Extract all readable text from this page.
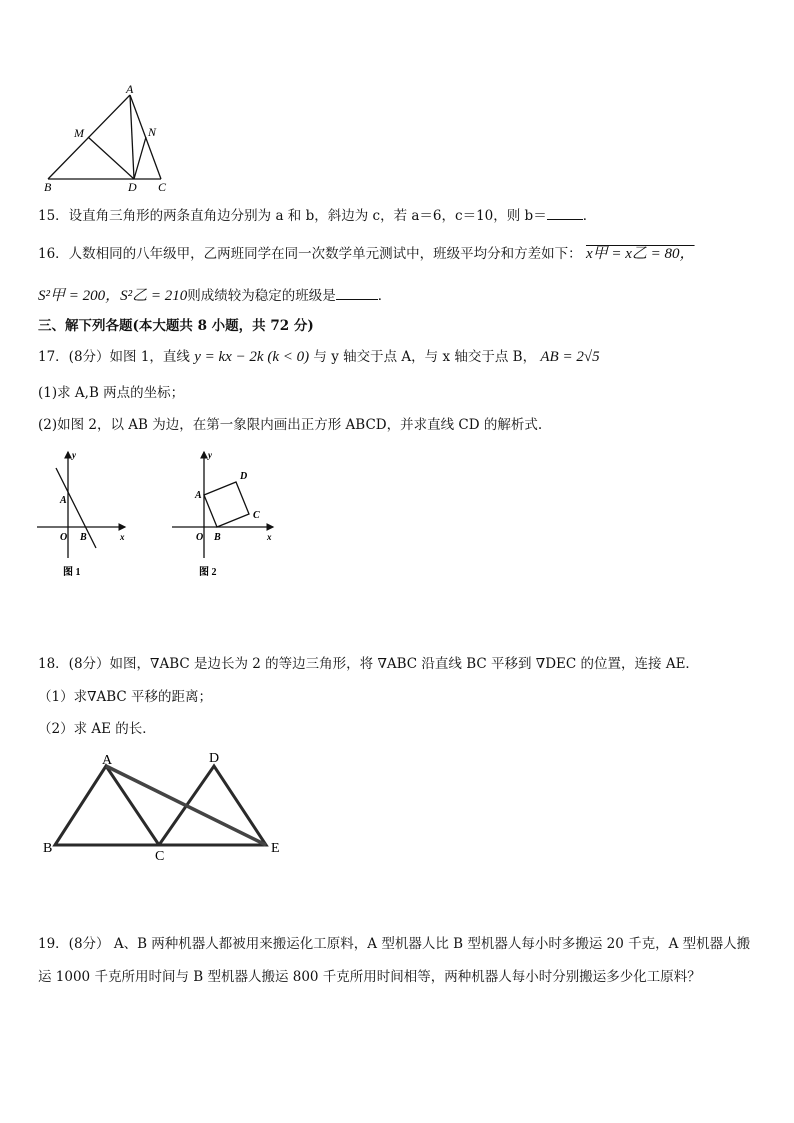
A
M	N
B	D C
15．设直角三角形的两条直角边分别为 a 和 b，斜边为 c，若 a＝6，c＝10，则 b＝	．
16．人数相同的八年级甲，乙两班同学在同一次数学单元测试中，班级平均分和方差如下： x甲 = x乙 = 80，
S²甲 = 200，S²乙 = 210则成绩较为稳定的班级是	．
三、解下列各题(本大题共 8 小题，共 72 分)
17．(8分）如图 1，直线 y = kx − 2k (k < 0) 与 y 轴交于点 A，与 x 轴交于点 B， AB = 2√5
(1)求 A,B 两点的坐标；
(2)如图 2，以 AB 为边，在第一象限内画出正方形 ABCD，并求直线 CD 的解析式.
y
A
O B	x
图 1
y
D
A
C
O B	x
图 2
18．(8分）如图，∇ABC 是边长为 2 的等边三角形，将 ∇ABC 沿直线 BC 平移到 ∇DEC 的位置，连接 AE．
（1）求∇ABC 平移的距离；
（2）求 AE 的长．
A	D
B
C
E
19．(8分） A、B 两种机器人都被用来搬运化工原料，A 型机器人比 B 型机器人每小时多搬运 20 千克，A 型机器人搬
运 1000 千克所用时间与 B 型机器人搬运 800 千克所用时间相等，两种机器人每小时分别搬运多少化工原料？
